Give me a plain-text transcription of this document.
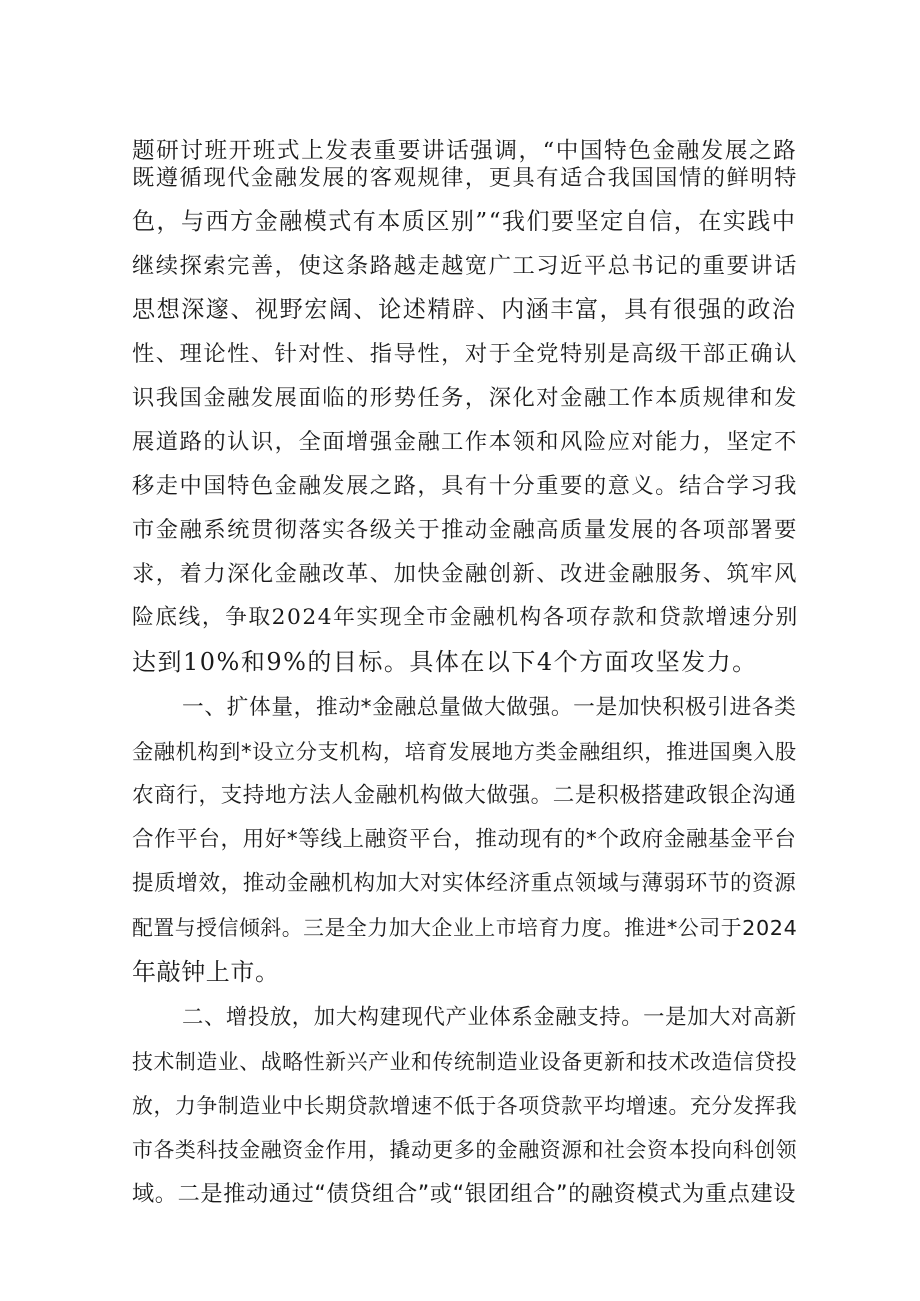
题研讨班开班式上发表重要讲话强调，“中国特色金融发展之路
既遵循现代金融发展的客观规律，更具有适合我国国情的鲜明特
色，与西方金融模式有本质区别”“我们要坚定自信，在实践中
继续探索完善，使这条路越走越宽广工习近平总书记的重要讲话
思想深邃、视野宏阔、论述精辟、内涵丰富，具有很强的政治
性、理论性、针对性、指导性，对于全党特别是高级干部正确认
识我国金融发展面临的形势任务，深化对金融工作本质规律和发
展道路的认识，全面增强金融工作本领和风险应对能力，坚定不
移走中国特色金融发展之路，具有十分重要的意义。结合学习我
市金融系统贯彻落实各级关于推动金融高质量发展的各项部署要
求，着力深化金融改革、加快金融创新、改进金融服务、筑牢风
险底线，争取2024年实现全市金融机构各项存款和贷款增速分别
达到10%和9%的目标。具体在以下4个方面攻坚发力。
一、扩体量，推动*金融总量做大做强。一是加快积极引进各类
金融机构到*设立分支机构，培育发展地方类金融组织，推进国奥入股
农商行，支持地方法人金融机构做大做强。二是积极搭建政银企沟通
合作平台，用好*等线上融资平台，推动现有的*个政府金融基金平台
提质增效，推动金融机构加大对实体经济重点领域与薄弱环节的资源
配置与授信倾斜。三是全力加大企业上市培育力度。推进*公司于2024
年敲钟上市。
二、增投放，加大构建现代产业体系金融支持。一是加大对高新
技术制造业、战略性新兴产业和传统制造业设备更新和技术改造信贷投
放，力争制造业中长期贷款增速不低于各项贷款平均增速。充分发挥我
市各类科技金融资金作用，撬动更多的金融资源和社会资本投向科创领
域。二是推动通过“债贷组合”或“银团组合”的融资模式为重点建设
